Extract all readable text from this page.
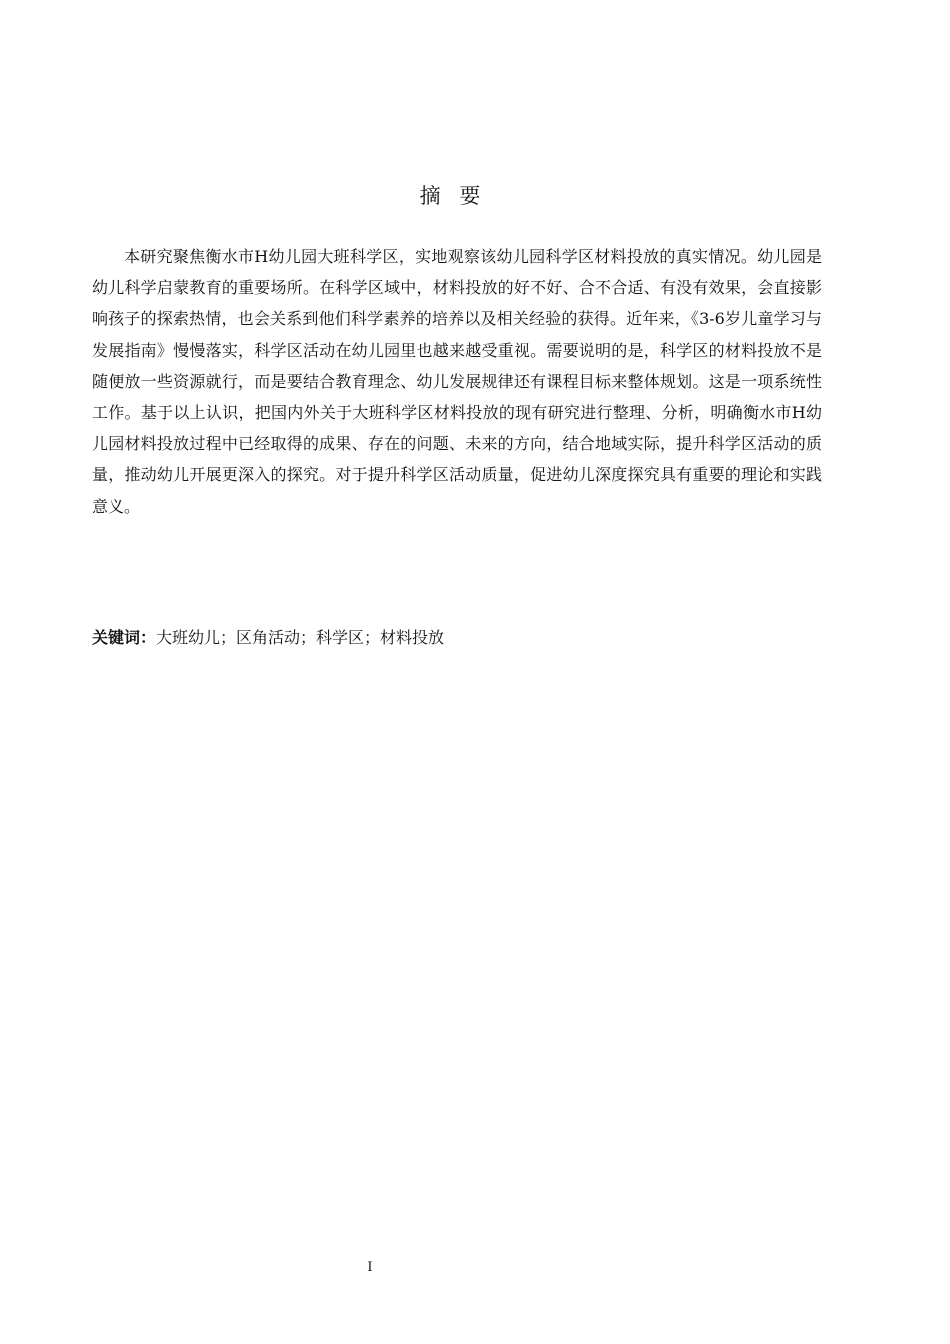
摘 要

本研究聚焦衡水市H幼儿园大班科学区，实地观察该幼儿园科学区材料投放的真实情况。幼儿园是幼儿科学启蒙教育的重要场所。在科学区域中，材料投放的好不好、合不合适、有没有效果，会直接影响孩子的探索热情，也会关系到他们科学素养的培养以及相关经验的获得。近年来，《3-6岁儿童学习与发展指南》慢慢落实，科学区活动在幼儿园里也越来越受重视。需要说明的是，科学区的材料投放不是随便放一些资源就行，而是要结合教育理念、幼儿发展规律还有课程目标来整体规划。这是一项系统性工作。基于以上认识，把国内外关于大班科学区材料投放的现有研究进行整理、分析，明确衡水市H幼儿园材料投放过程中已经取得的成果、存在的问题、未来的方向，结合地域实际，提升科学区活动的质量，推动幼儿开展更深入的探究。对于提升科学区活动质量，促进幼儿深度探究具有重要的理论和实践意义。

关键词：大班幼儿；区角活动；科学区；材料投放
I
